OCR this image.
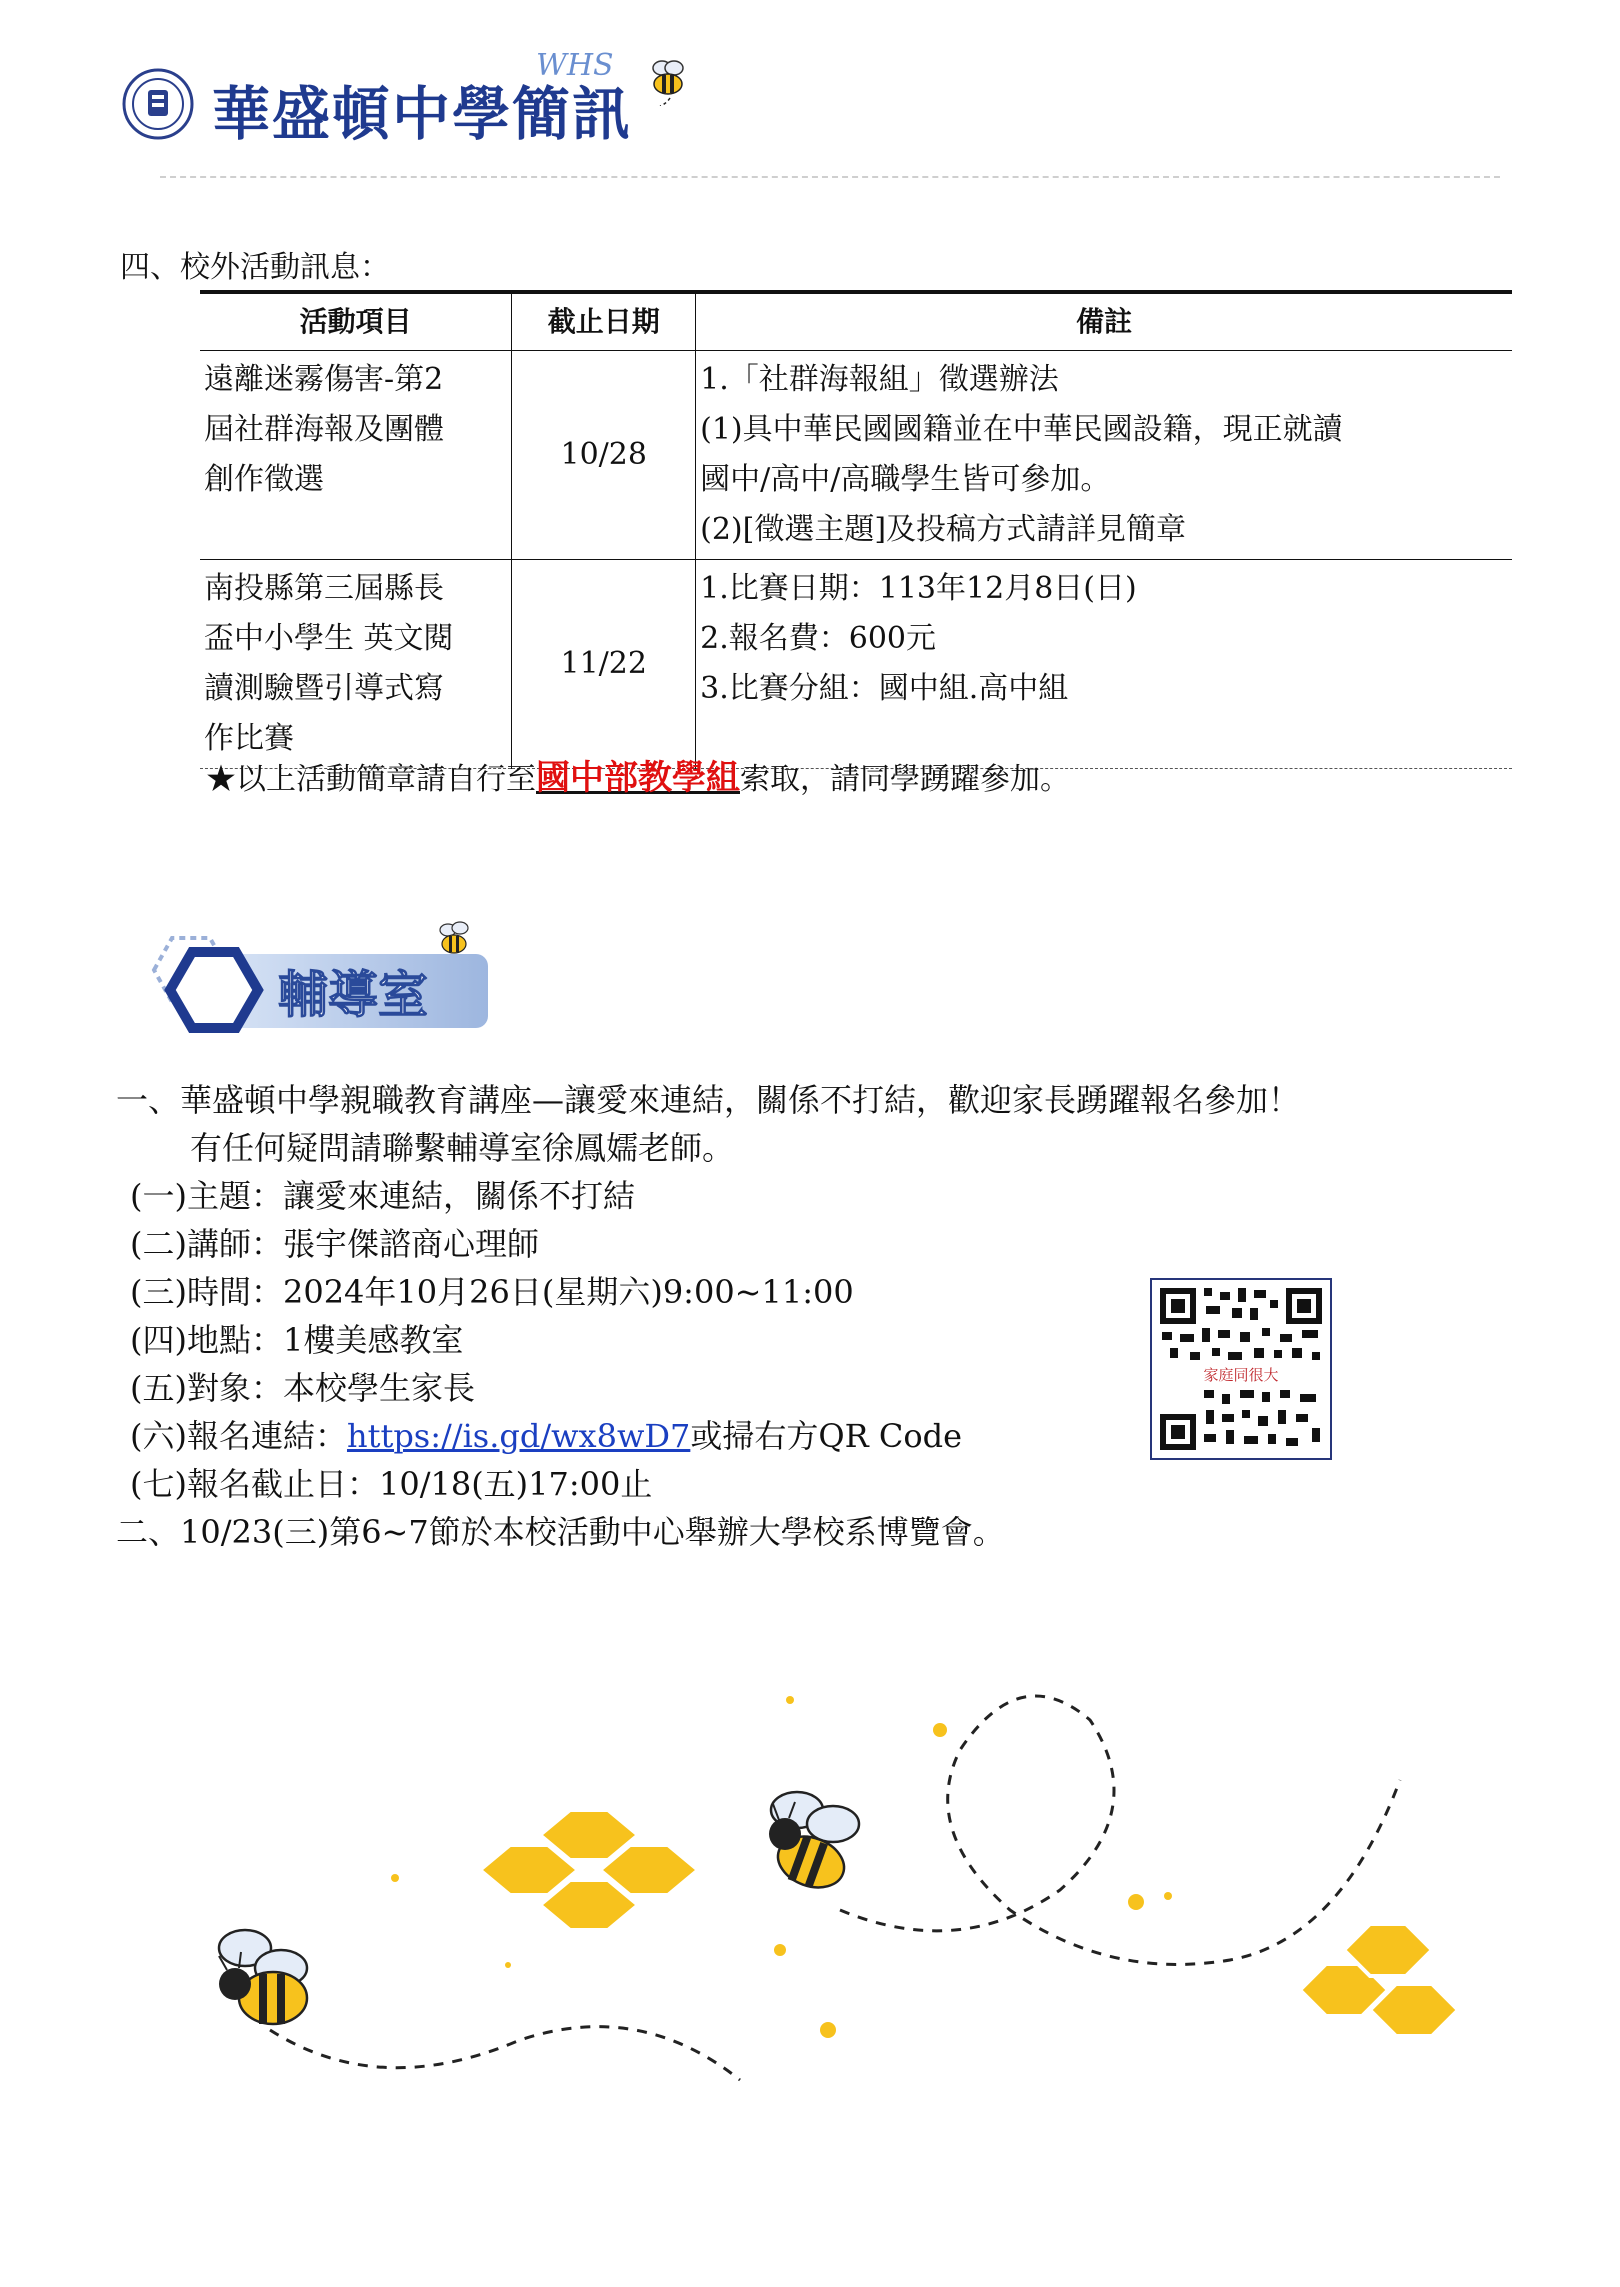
華盛頓中學簡訊
WHS
四、校外活動訊息：
活動項目	截止日期	備註

遠離迷霧傷害-第2
屆社群海報及團體
創作徵選	10/28	1.「社群海報組」徵選辦法
(1)具中華民國國籍並在中華民國設籍，現正就讀
國中/高中/高職學生皆可參加。
(2)[徵選主題]及投稿方式請詳見簡章

南投縣第三屆縣長
盃中小學生 英文閱
讀測驗暨引導式寫
作比賽	11/22	1.比賽日期：113年12月8日(日)
2.報名費：600元
3.比賽分組：國中組.高中組
★以上活動簡章請自行至國中部教學組索取，請同學踴躍參加。
輔導室
一、華盛頓中學親職教育講座—讓愛來連結，關係不打結，歡迎家長踴躍報名參加！
有任何疑問請聯繫輔導室徐鳳嬬老師。
(一)主題：讓愛來連結，關係不打結
(二)講師：張宇傑諮商心理師
(三)時間：2024年10月26日(星期六)9:00~11:00
(四)地點：1樓美感教室
(五)對象：本校學生家長
(六)報名連結：https://is.gd/wx8wD7或掃右方QR Code
(七)報名截止日：10/18(五)17:00止
二、10/23(三)第6~7節於本校活動中心舉辦大學校系博覽會。
家庭同很大
